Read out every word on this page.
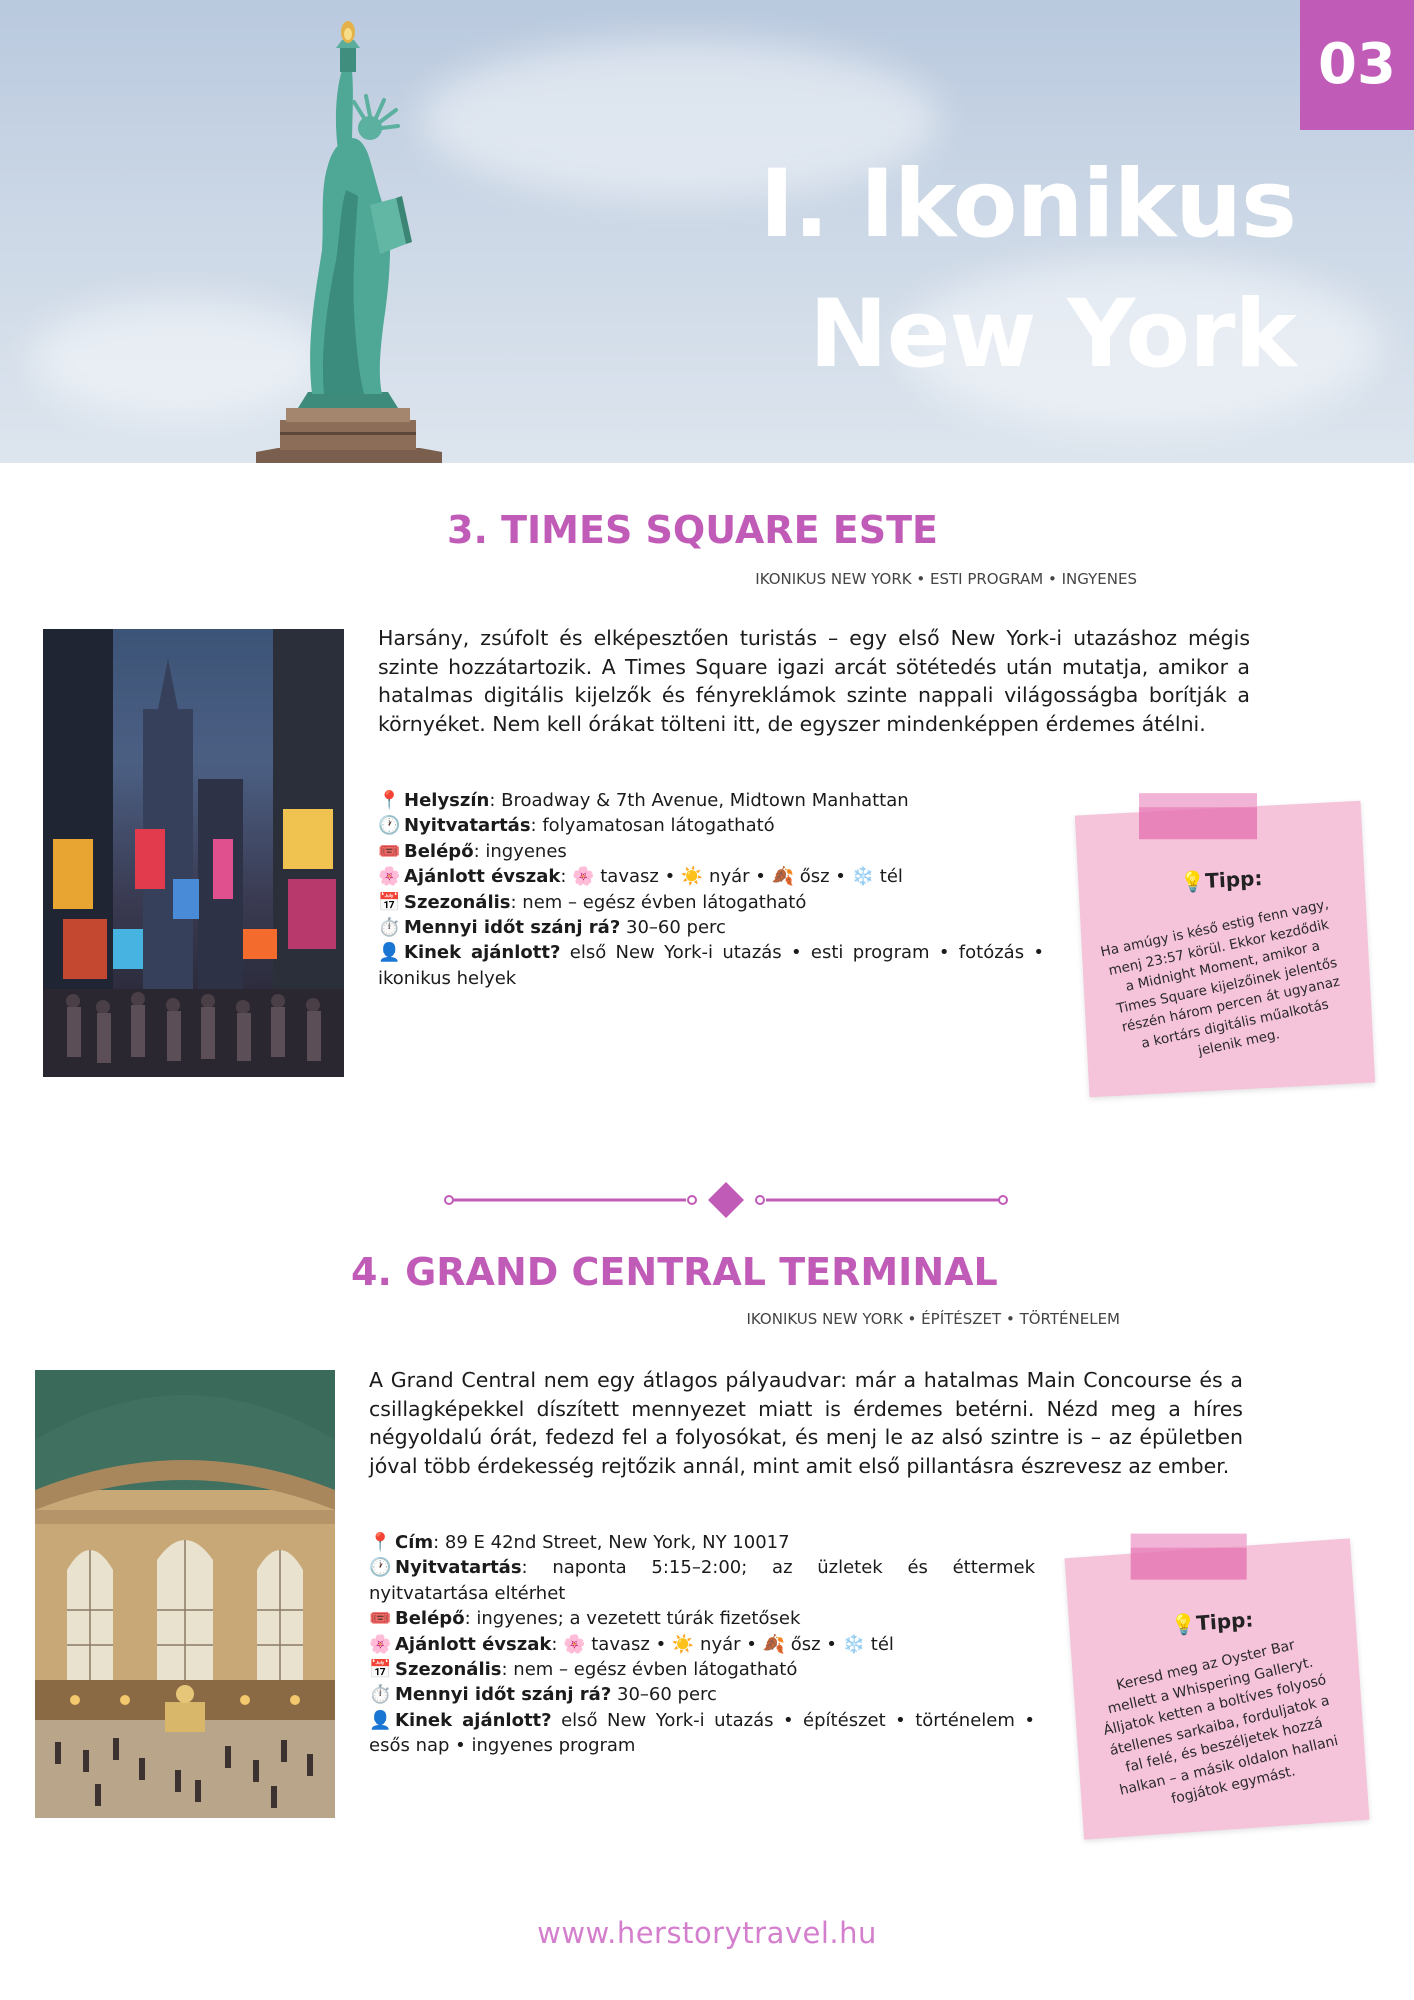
03
I. Ikonikus
New York
3. TIMES SQUARE ESTE
IKONIKUS NEW YORK • ESTI PROGRAM • INGYENES
Harsány, zsúfolt és elképesztően turistás – egy első New York-i utazáshoz mégis szinte hozzátartozik. A Times Square igazi arcát sötétedés után mutatja, amikor a hatalmas digitális kijelzők és fényreklámok szinte nappali világosságba borítják a környéket. Nem kell órákat tölteni itt, de egyszer mindenképpen érdemes átélni.
📍 Helyszín: Broadway & 7th Avenue, Midtown Manhattan
🕐 Nyitvatartás: folyamatosan látogatható
🎟️ Belépő: ingyenes
🌸 Ajánlott évszak: 🌸 tavasz • ☀️ nyár • 🍂 ősz • ❄️ tél
📅 Szezonális: nem – egész évben látogatható
⏱️ Mennyi időt szánj rá? 30–60 perc
👤 Kinek ajánlott? első New York-i utazás • esti program • fotózás • ikonikus helyek
💡Tipp:
Ha amúgy is késő estig fenn vagy, menj 23:57 körül. Ekkor kezdődik a Midnight Moment, amikor a Times Square kijelzőinek jelentős részén három percen át ugyanaz a kortárs digitális műalkotás jelenik meg.
4. GRAND CENTRAL TERMINAL
IKONIKUS NEW YORK • ÉPÍTÉSZET • TÖRTÉNELEM
A Grand Central nem egy átlagos pályaudvar: már a hatalmas Main Concourse és a csillagképekkel díszített mennyezet miatt is érdemes betérni. Nézd meg a híres négyoldalú órát, fedezd fel a folyosókat, és menj le az alsó szintre is – az épületben jóval több érdekesség rejtőzik annál, mint amit első pillantásra észrevesz az ember.
📍 Cím: 89 E 42nd Street, New York, NY 10017
🕐 Nyitvatartás: naponta 5:15–2:00; az üzletek és éttermek nyitvatartása eltérhet
🎟️ Belépő: ingyenes; a vezetett túrák fizetősek
🌸 Ajánlott évszak: 🌸 tavasz • ☀️ nyár • 🍂 ősz • ❄️ tél
📅 Szezonális: nem – egész évben látogatható
⏱️ Mennyi időt szánj rá? 30–60 perc
👤 Kinek ajánlott? első New York-i utazás • építészet • történelem • esős nap • ingyenes program
💡Tipp:
Keresd meg az Oyster Bar mellett a Whispering Galleryt. Álljatok ketten a boltíves folyosó átellenes sarkaiba, forduljatok a fal felé, és beszéljetek hozzá halkan – a másik oldalon hallani fogjátok egymást.
www.herstorytravel.hu
